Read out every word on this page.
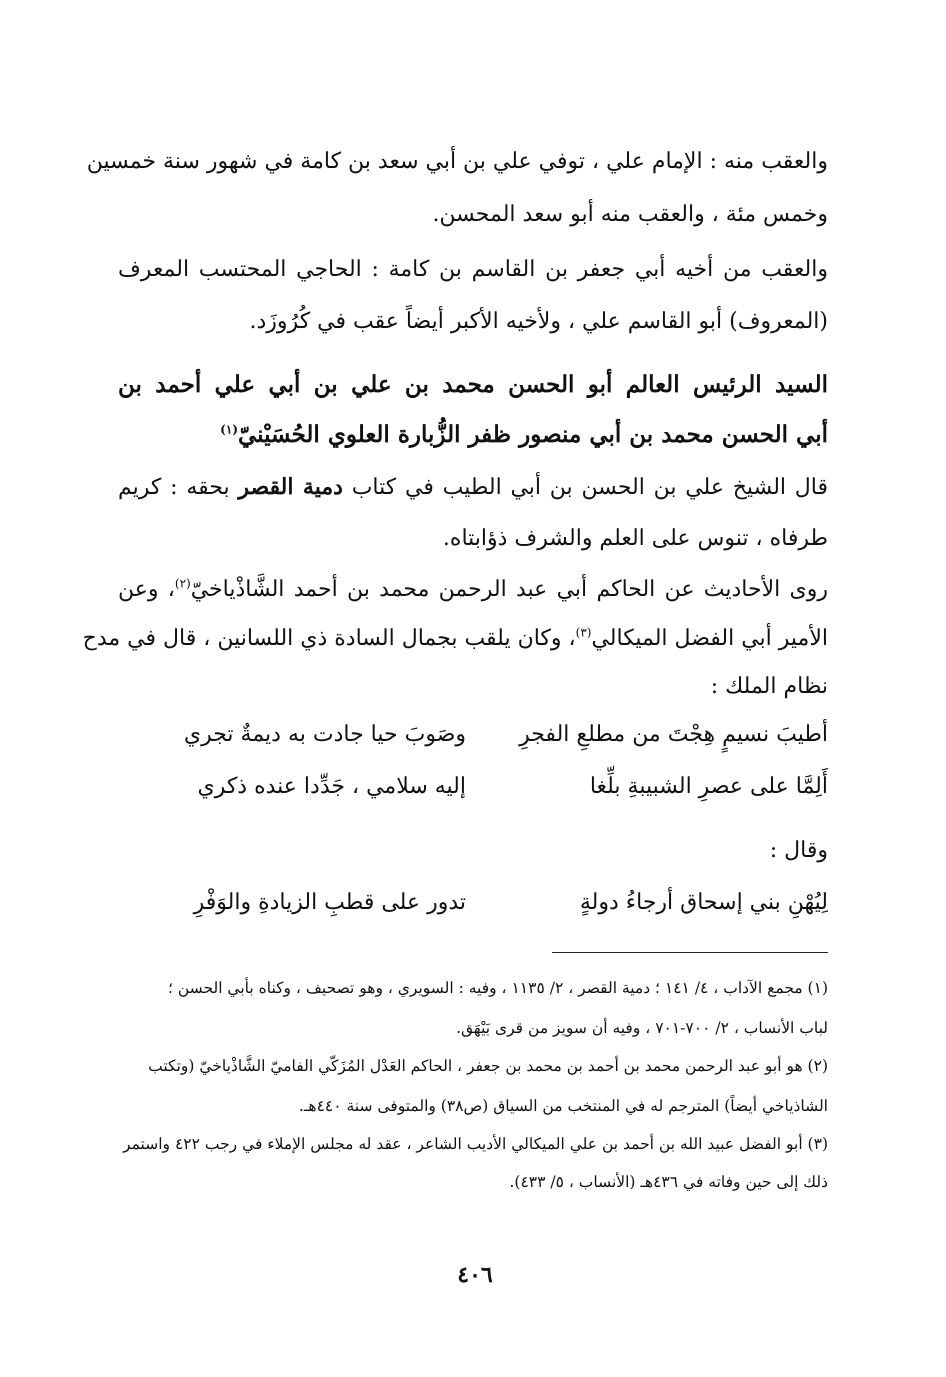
والعقب منه : الإمام علي ، توفي علي بن أبي سعد بن كامة في شهور سنة خمسين
وخمس مئة ، والعقب منه أبو سعد المحسن.
والعقب من أخيه أبي جعفر بن القاسم بن كامة : الحاجي المحتسب المعرف
(المعروف) أبو القاسم علي ، ولأخيه الأكبر أيضاً عقب في كُرُوزَد.
السيد الرئيس العالم أبو الحسن محمد بن علي بن أبي علي أحمد بن
أبي الحسن محمد بن أبي منصور ظفر الزُّبارة العلوي الحُسَيْنيّ$^{(١)}$
قال الشيخ علي بن الحسن بن أبي الطيب في كتاب دمية القصر بحقه : كريم
طرفاه ، تنوس على العلم والشرف ذؤابتاه.
روى الأحاديث عن الحاكم أبي عبد الرحمن محمد بن أحمد الشَّاذْياخيّ$^{(٢)}$، وعن
الأمير أبي الفضل الميكالي$^{(٣)}$، وكان يلقب بجمال السادة ذي اللسانين ، قال في مدح
نظام الملك :
أطيبَ نسيمٍ هِجْتَ من مطلعِ الفجرِ
وصَوبَ حيا جادت به ديمةٌ تجري
أَلِمَّا على عصرِ الشبيبةِ بلِّغا
إليه سلامي ، جَدِّدا عنده ذكري
وقال :
لِيُهْنِ بني إسحاق أرجاءُ دولةٍ
تدور على قطبِ الزيادةِ والوَفْرِ
(١) مجمع الآداب ، ٤/ ١٤١ ؛ دمية القصر ، ٢/ ١١٣٥ ، وفيه : السويري ، وهو تصحيف ، وكناه بأبي الحسن ؛
لباب الأنساب ، ٢/ ٧٠٠-٧٠١ ، وفيه أن سويز من قرى بَيْهَق.
(٢) هو أبو عبد الرحمن محمد بن أحمد بن محمد بن جعفر ، الحاكم العَدْل المُزَكّي الفاميّ الشَّاذْياخيّ (وتكتب
الشاذياخي أيضاً) المترجم له في المنتخب من السياق (ص٣٨) والمتوفى سنة ٤٤٠هـ.
(٣) أبو الفضل عبيد الله بن أحمد بن علي الميكالي الأديب الشاعر ، عقد له مجلس الإملاء في رجب ٤٢٢ واستمر
ذلك إلى حين وفاته في ٤٣٦هـ (الأنساب ، ٥/ ٤٣٣).
٤٠٦
